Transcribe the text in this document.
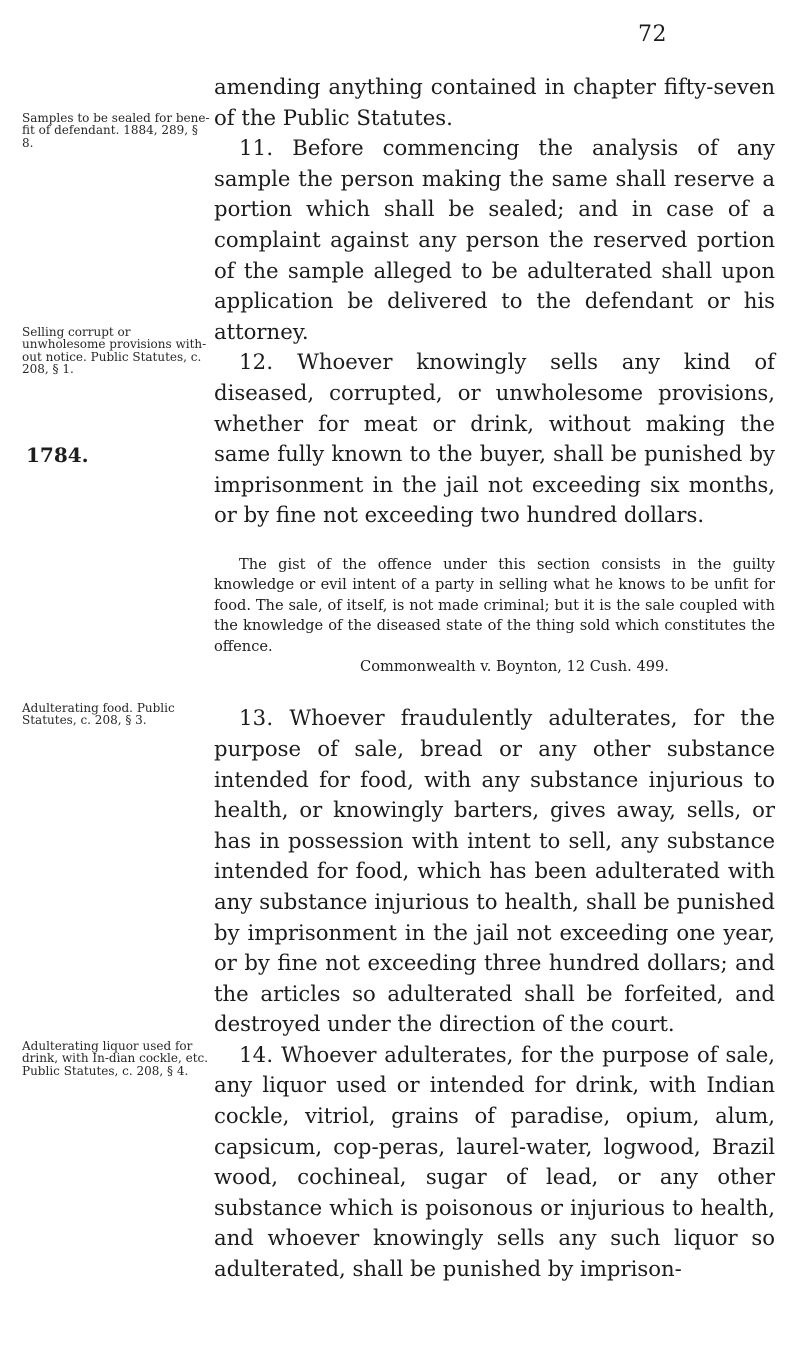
72
Samples to be sealed for bene-fit of defendant. 1884, 289, § 8.
Selling corrupt or unwholesome provisions with-out notice. Public Statutes, c. 208, § 1.
1784.
Adulterating food. Public Statutes, c. 208, § 3.
Adulterating liquor used for drink, with In-dian cockle, etc. Public Statutes, c. 208, § 4.

amending anything contained in chapter fifty-seven of the Public Statutes.

11. Before commencing the analysis of any sample the person making the same shall reserve a portion which shall be sealed; and in case of a complaint against any person the reserved portion of the sample alleged to be adulterated shall upon application be delivered to the defendant or his attorney.

12. Whoever knowingly sells any kind of diseased, corrupted, or unwholesome provisions, whether for meat or drink, without making the same fully known to the buyer, shall be punished by imprisonment in the jail not exceeding six months, or by fine not exceeding two hundred dollars.

The gist of the offence under this section consists in the guilty knowledge or evil intent of a party in selling what he knows to be unfit for food. The sale, of itself, is not made criminal; but it is the sale coupled with the knowledge of the diseased state of the thing sold which constitutes the offence.

Commonwealth v. Boynton, 12 Cush. 499.

13. Whoever fraudulently adulterates, for the purpose of sale, bread or any other substance intended for food, with any substance injurious to health, or knowingly barters, gives away, sells, or has in possession with intent to sell, any substance intended for food, which has been adulterated with any substance injurious to health, shall be punished by imprisonment in the jail not exceeding one year, or by fine not exceeding three hundred dollars; and the articles so adulterated shall be forfeited, and destroyed under the direction of the court.

14. Whoever adulterates, for the purpose of sale, any liquor used or intended for drink, with Indian cockle, vitriol, grains of paradise, opium, alum, capsicum, cop-peras, laurel-water, logwood, Brazil wood, cochineal, sugar of lead, or any other substance which is poisonous or injurious to health, and whoever knowingly sells any such liquor so adulterated, shall be punished by imprison-
